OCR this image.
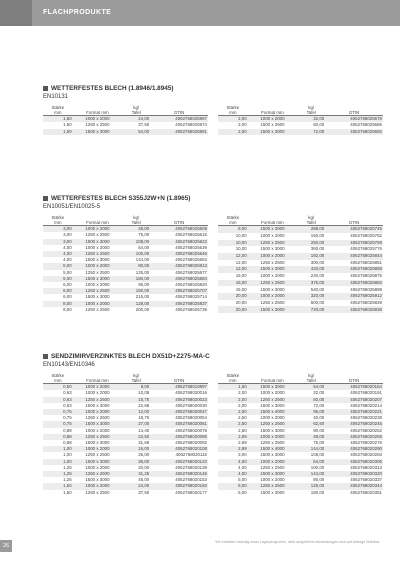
FLACHPRODUKTE
WETTERFESTES BLECH (1.8946/1.8945)
EN10131
Stärke
mm	Format mm	kg/
Tafel	GTIN
1,50	1000 x 2000	24,00	4062768025967
1,50	1250 x 2500	37,50	4062768025974
1,50	1500 x 3000	54,00	4062768025981
Stärke
mm	Format mm	kg/
Tafel	GTIN
2,00	1000 x 2000	32,00	4062768025578
2,00	1500 x 2500	50,00	4062768025585
2,00	1500 x 3000	72,00	4062768025592
WETTERFESTES BLECH S355J2W+N (1.8965)
EN10051/EN10025-5
Stärke
mm	Format mm	kg/
Tafel	GTIN
3,00	1000 x 2000	48,00	4062768025608
3,00	1250 x 2500	75,00	4062768025615
3,00	1500 x 3000	108,00	4062768025622
4,00	1000 x 2000	64,00	4062768025639
4,00	1250 x 2500	100,00	4062768025646
4,00	1500 x 3000	144,00	4062768025653
5,00	1000 x 2000	80,00	4062768025813
5,00	1250 x 2500	125,00	4062768025677
5,00	1500 x 3000	180,00	4062768025684
6,00	1000 x 2000	96,00	4062768025820
6,00	1250 x 2500	150,00	4062768025707
6,00	1500 x 3000	216,00	4062768025714
8,00	1000 x 2000	128,00	4062768025837
8,00	1250 x 2500	200,00	4062768025738
Stärke
mm	Format mm	kg/
Tafel	GTIN
8,00	1500 x 3000	288,00	4062768025745
10,00	1000 x 2000	160,00	4062768025752
10,00	1250 x 2500	250,00	4062768025769
10,00	1500 x 3000	360,00	4062768025776
12,00	1000 x 2000	192,00	4062768025844
12,00	1250 x 2500	300,00	4062768025851
12,00	1500 x 3000	432,00	4062768025868
15,00	1000 x 2000	240,00	4062768025875
15,00	1250 x 2500	375,00	4062768025882
15,00	1500 x 3000	540,00	4062768025899
20,00	1000 x 2000	320,00	4062768025912
20,00	1250 x 2500	500,00	4062768025929
20,00	1500 x 3000	720,00	4062768025936
SENDZIMIRVERZINKTES BLECH DX51D+Z275-MA-C
EN10143/EN10346
Stärke
mm	Format mm	kg/
Tafel	GTIN
0,50	1000 x 2000	8,00	4062768019997
0,63	1000 x 2000	10,08	4062768020016
0,63	1250 x 2500	15,75	4062768020023
0,63	1500 x 3000	22,68	4062768020030
0,75	1000 x 2000	12,00	4062768020047
0,75	1250 x 2500	18,75	4062768020054
0,75	1500 x 3000	27,00	4062768020061
0,88	1000 x 2000	14,40	4062768020078
0,88	1250 x 2500	22,50	4062768020085
0,88	1500 x 3000	31,68	4062768020092
1,00	1000 x 2000	16,00	4062768020108
1,00	1250 x 2500	25,00	4062768020115
1,00	1500 x 3000	36,00	4062768020122
1,25	1000 x 2000	20,00	4062768020139
1,25	1250 x 2500	31,25	4062768020146
1,25	1500 x 3000	45,00	4062768020153
1,50	1000 x 2000	24,00	4062768020160
1,50	1250 x 2500	37,50	4062768020177
Stärke
mm	Format mm	kg/
Tafel	GTIN
1,50	1500 x 3000	54,00	4062768020184
2,00	1000 x 2000	32,00	4062768020191
2,00	1250 x 2500	50,00	4062768020207
2,00	1500 x 3000	72,00	4062768020214
2,00	1500 x 4000	96,00	4062768020221
2,50	1000 x 2000	40,00	4062768020238
2,50	1250 x 2500	62,50	4062768020245
2,50	1500 x 3000	90,00	4062768020252
2,99	1000 x 2000	48,00	4062768020269
2,99	1250 x 2500	75,00	4062768020276
2,99	1500 x 4000	144,00	4062768020290
3,00	1500 x 3000	108,00	4062768020283
4,00	1000 x 2000	64,00	4062768020306
4,00	1250 x 2500	100,00	4062768020313
4,00	1500 x 3000	144,00	4062768020320
5,00	1000 x 2000	80,00	4062768020337
5,00	1250 x 2500	125,00	4062768020344
5,00	1500 x 3000	180,00	4062768020351
Wir erweitern ständig unser Lagerprogramm, nicht aufgeführte Abmessungen sind auf Anfrage lieferbar.
26
